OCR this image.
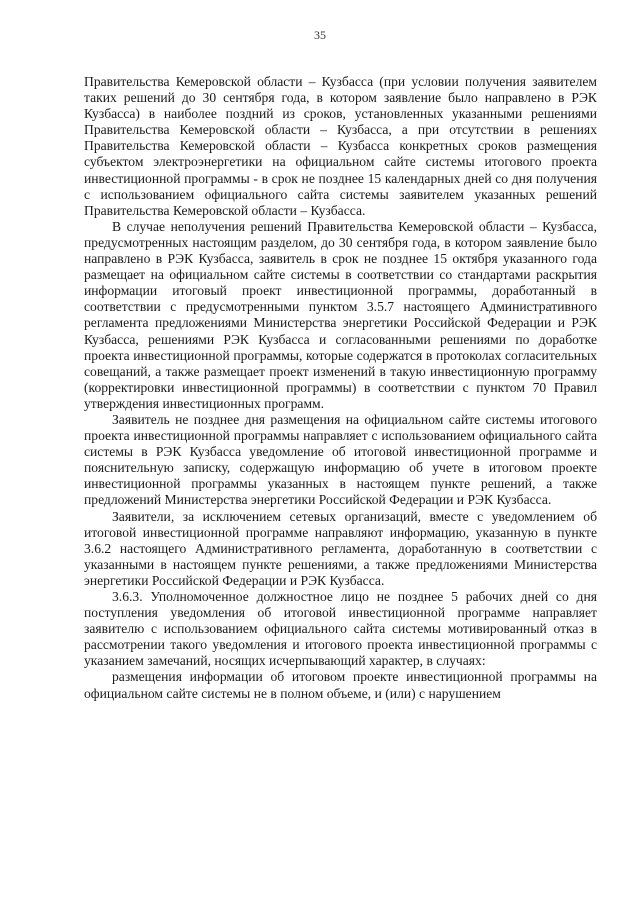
35

Правительства Кемеровской области – Кузбасса (при условии получения заявителем таких решений до 30 сентября года, в котором заявление было направлено в РЭК Кузбасса) в наиболее поздний из сроков, установленных указанными решениями Правительства Кемеровской области – Кузбасса, а при отсутствии в решениях Правительства Кемеровской области – Кузбасса конкретных сроков размещения субъектом электроэнергетики на официальном сайте системы итогового проекта инвестиционной программы - в срок не позднее 15 календарных дней со дня получения с использованием официального сайта системы заявителем указанных решений Правительства Кемеровской области – Кузбасса.

В случае неполучения решений Правительства Кемеровской области – Кузбасса, предусмотренных настоящим разделом, до 30 сентября года, в котором заявление было направлено в РЭК Кузбасса, заявитель в срок не позднее 15 октября указанного года размещает на официальном сайте системы в соответствии со стандартами раскрытия информации итоговый проект инвестиционной программы, доработанный в соответствии с предусмотренными пунктом 3.5.7 настоящего Административного регламента предложениями Министерства энергетики Российской Федерации и РЭК Кузбасса, решениями РЭК Кузбасса и согласованными решениями по доработке проекта инвестиционной программы, которые содержатся в протоколах согласительных совещаний, а также размещает проект изменений в такую инвестиционную программу (корректировки инвестиционной программы) в соответствии с пунктом 70 Правил утверждения инвестиционных программ.

Заявитель не позднее дня размещения на официальном сайте системы итогового проекта инвестиционной программы направляет с использованием официального сайта системы в РЭК Кузбасса уведомление об итоговой инвестиционной программе и пояснительную записку, содержащую информацию об учете в итоговом проекте инвестиционной программы указанных в настоящем пункте решений, а также предложений Министерства энергетики Российской Федерации и РЭК Кузбасса.

Заявители, за исключением сетевых организаций, вместе с уведомлением об итоговой инвестиционной программе направляют информацию, указанную в пункте 3.6.2 настоящего Административного регламента, доработанную в соответствии с указанными в настоящем пункте решениями, а также предложениями Министерства энергетики Российской Федерации и РЭК Кузбасса.

3.6.3. Уполномоченное должностное лицо не позднее 5 рабочих дней со дня поступления уведомления об итоговой инвестиционной программе направляет заявителю с использованием официального сайта системы мотивированный отказ в рассмотрении такого уведомления и итогового проекта инвестиционной программы с указанием замечаний, носящих исчерпывающий характер, в случаях:

размещения информации об итоговом проекте инвестиционной программы на официальном сайте системы не в полном объеме, и (или) с нарушением
